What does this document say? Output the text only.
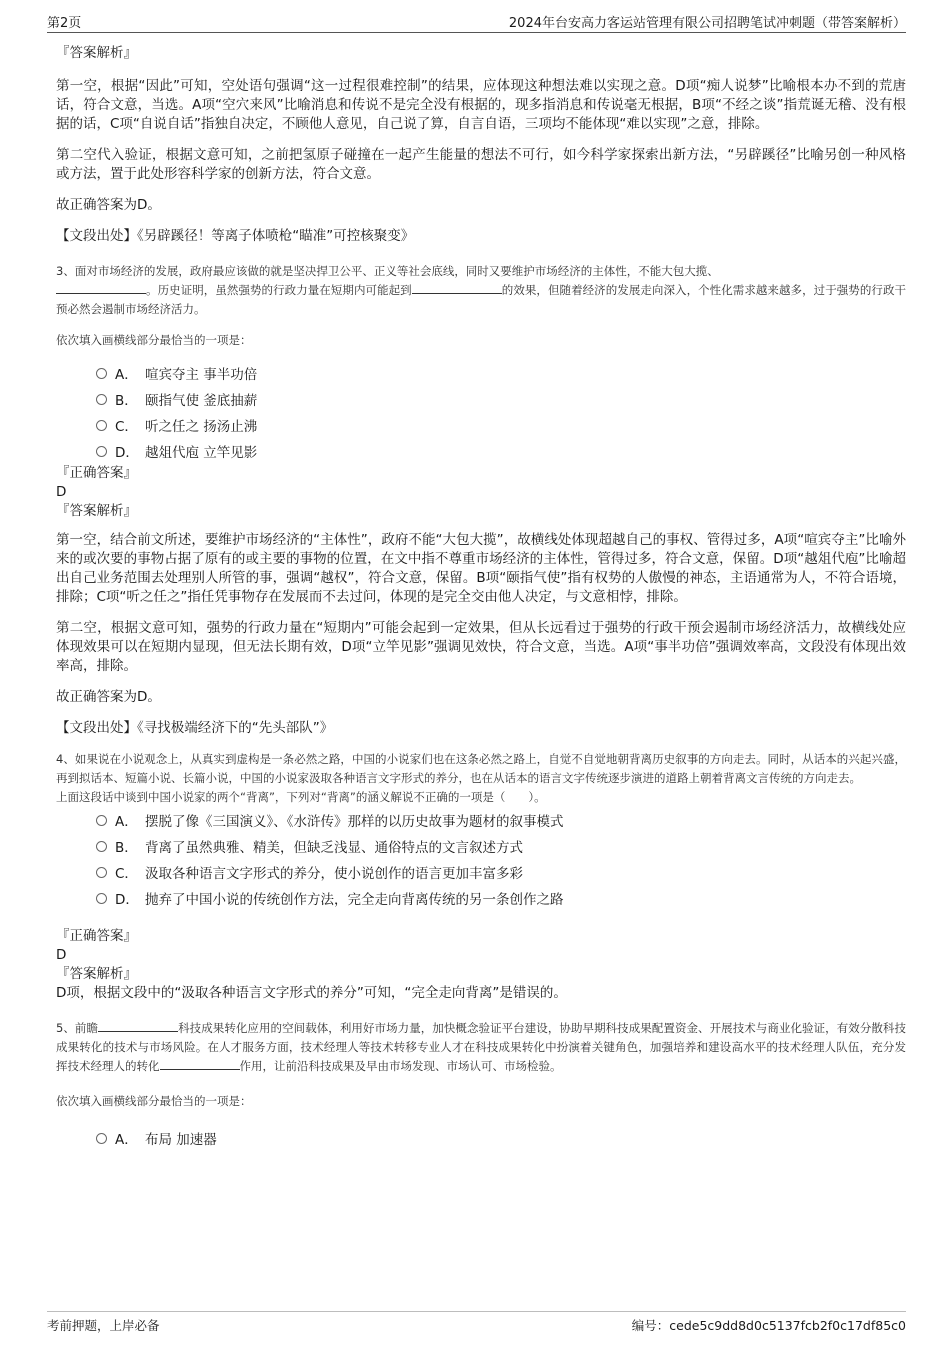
第2页	2024年台安高力客运站管理有限公司招聘笔试冲刺题（带答案解析）

『答案解析』

第一空，根据“因此”可知，空处语句强调“这一过程很难控制”的结果，应体现这种想法难以实现之意。D项“痴人说梦”比喻根本办不到的荒唐话，符合文意，当选。A项“空穴来风”比喻消息和传说不是完全没有根据的，现多指消息和传说毫无根据，B项“不经之谈”指荒诞无稽、没有根据的话，C项“自说自话”指独自决定，不顾他人意见，自己说了算，自言自语，三项均不能体现“难以实现”之意，排除。

第二空代入验证，根据文意可知，之前把氢原子碰撞在一起产生能量的想法不可行，如今科学家探索出新方法，“另辟蹊径”比喻另创一种风格或方法，置于此处形容科学家的创新方法，符合文意。

故正确答案为D。

【文段出处】《另辟蹊径！等离子体喷枪“瞄准”可控核聚变》

3、面对市场经济的发展，政府最应该做的就是坚决捍卫公平、正义等社会底线，同时又要维护市场经济的主体性，不能大包大揽、
。历史证明，虽然强势的行政力量在短期内可能起到	的效果，但随着经济的发展走向深入，个性化需求越来越多，过于强势的行政干预必然会遏制市场经济活力。

依次填入画横线部分最恰当的一项是：

A． 喧宾夺主 事半功倍
B． 颐指气使 釜底抽薪
C． 听之任之 扬汤止沸
D． 越俎代庖 立竿见影

『正确答案』

D

『答案解析』

第一空，结合前文所述，要维护市场经济的“主体性”，政府不能“大包大揽”，故横线处体现超越自己的事权、管得过多，A项“喧宾夺主”比喻外来的或次要的事物占据了原有的或主要的事物的位置，在文中指不尊重市场经济的主体性，管得过多，符合文意，保留。D项“越俎代庖”比喻超出自己业务范围去处理别人所管的事，强调“越权”，符合文意，保留。B项“颐指气使”指有权势的人傲慢的神态，主语通常为人，不符合语境，排除；C项“听之任之”指任凭事物存在发展而不去过问，体现的是完全交由他人决定，与文意相悖，排除。

第二空，根据文意可知，强势的行政力量在“短期内”可能会起到一定效果，但从长远看过于强势的行政干预会遏制市场经济活力，故横线处应体现效果可以在短期内显现，但无法长期有效，D项“立竿见影”强调见效快，符合文意，当选。A项“事半功倍”强调效率高，文段没有体现出效率高，排除。

故正确答案为D。

【文段出处】《寻找极端经济下的“先头部队”》

4、如果说在小说观念上，从真实到虚构是一条必然之路，中国的小说家们也在这条必然之路上，自觉不自觉地朝背离历史叙事的方向走去。同时，从话本的兴起兴盛，再到拟话本、短篇小说、长篇小说，中国的小说家汲取各种语言文字形式的养分，也在从话本的语言文字传统逐步演进的道路上朝着背离文言传统的方向走去。

上面这段话中谈到中国小说家的两个“背离”，下列对“背离”的涵义解说不正确的一项是（　　）。

A． 摆脱了像《三国演义》、《水浒传》那样的以历史故事为题材的叙事模式
B． 背离了虽然典雅、精美，但缺乏浅显、通俗特点的文言叙述方式
C． 汲取各种语言文字形式的养分，使小说创作的语言更加丰富多彩
D． 抛弃了中国小说的传统创作方法，完全走向背离传统的另一条创作之路

『正确答案』

D

『答案解析』

D项，根据文段中的“汲取各种语言文字形式的养分”可知，“完全走向背离”是错误的。

5、前瞻	科技成果转化应用的空间载体，利用好市场力量，加快概念验证平台建设，协助早期科技成果配置资金、开展技术与商业化验证，有效分散科技成果转化的技术与市场风险。在人才服务方面，技术经理人等技术转移专业人才在科技成果转化中扮演着关键角色，加强培养和建设高水平的技术经理人队伍，充分发挥技术经理人的转化	作用，让前沿科技成果及早由市场发现、市场认可、市场检验。

依次填入画横线部分最恰当的一项是：

A． 布局 加速器
考前押题，上岸必备	编号：cede5c9dd8d0c5137fcb2f0c17df85c0
